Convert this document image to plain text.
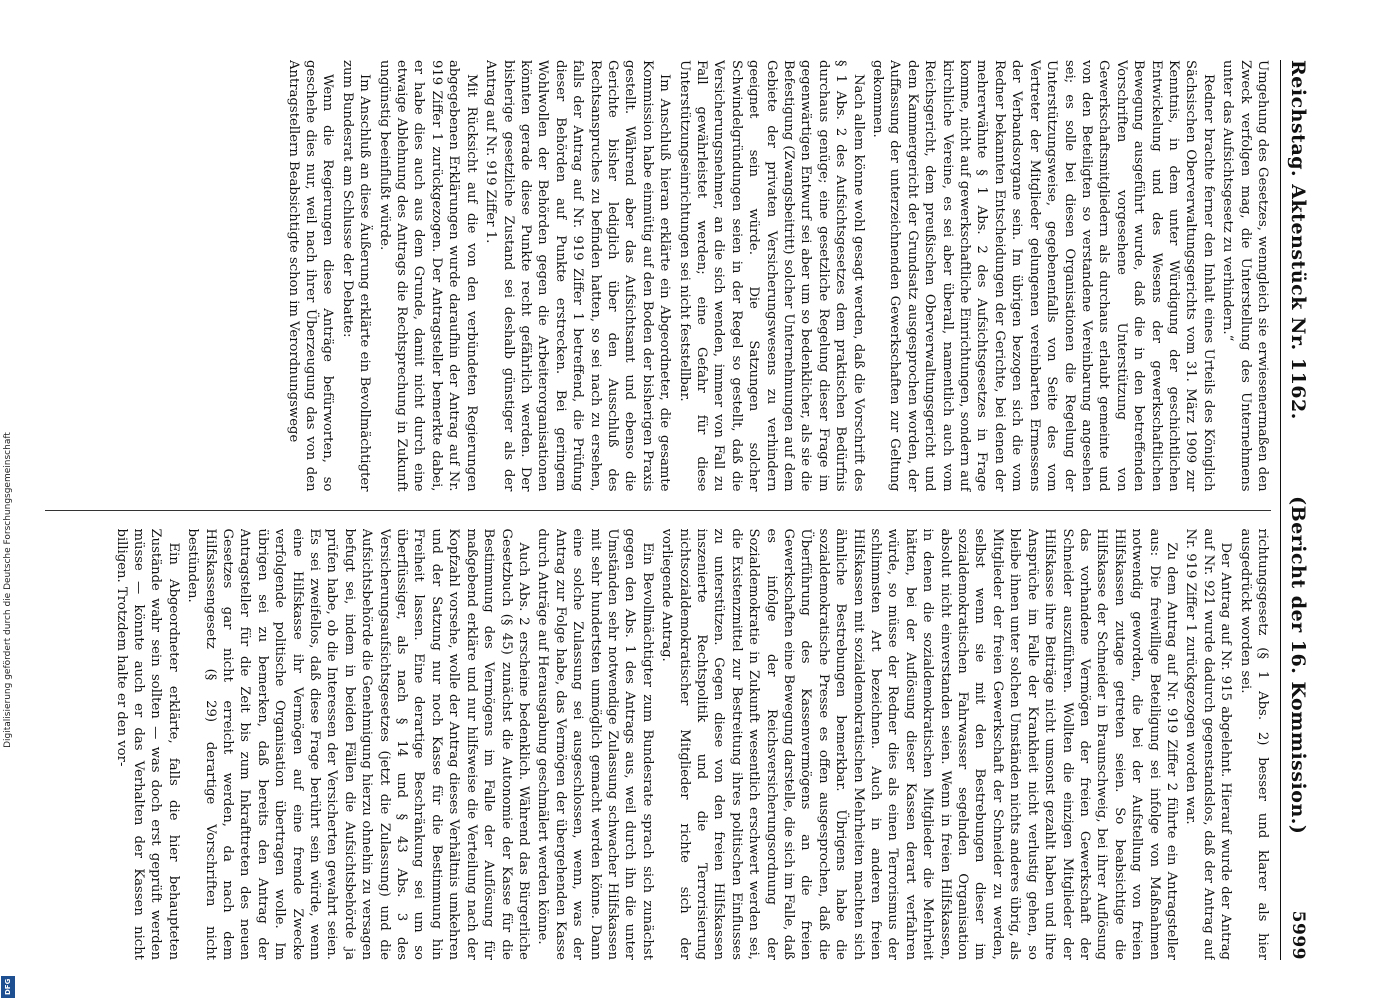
Digitalisierung gefördert durch die Deutsche Forschungsgemeinschaft
DFG
Reichstag. Aktenstück Nr. 1162.
(Bericht der 16. Kommission.)
5999

Umgehung des Gesetzes, wenngleich sie erwiesenermaßen den Zweck verfolgen mag, die Unterstellung des Unternehmens unter das Aufsichtsgesetz zu verhindern.“

Redner brachte ferner den Inhalt eines Urteils des Königlich Sächsischen Oberverwaltungsgerichts vom 31. März 1909 zur Kenntnis, in dem unter Würdigung der geschichtlichen Entwickelung und des Wesens der gewerkschaftlichen Bewegung ausgeführt wurde, daß die in den betreffenden Vorschriften vorgesehene Unterstützung von Gewerkschaftsmitgliedern als durchaus erlaubt gemeinte und von den Beteiligten so verstandene Vereinbarung angesehen sei; es solle bei diesen Organisationen die Regelung der Unterstützungsweise, gegebenenfalls von Seite des vom Vertreter der Mitglieder gelungenen vereinbarten Ermessens der Verbandsorgane sein. Im übrigen bezogen sich die vom Redner bekannten Entscheidungen der Gerichte, bei denen der mehrerwähnte § 1 Abs. 2 des Aufsichtsgesetzes in Frage komme, nicht auf gewerkschaftliche Einrichtungen, sondern auf kirchliche Vereine, es sei aber überall, namentlich auch vom Reichsgericht, dem preußischen Oberverwaltungsgericht und dem Kammergericht der Grundsatz ausgesprochen worden, der Auffassung der unterzeichnenden Gewerkschaften zur Geltung gekommen.

Nach allem könne wohl gesagt werden, daß die Vorschrift des § 1 Abs. 2 des Aufsichtsgesetzes dem praktischen Bedürfnis durchaus genüge; eine gesetzliche Regelung dieser Frage im gegenwärtigen Entwurf sei aber um so bedenklicher, als sie die Befestigung (Zwangsbeitritt) solcher Unternehmungen auf dem Gebiete der privaten Versicherungswesens zu verhindern geeignet sein würde. Die Satzungen solcher Schwindelgründungen seien in der Regel so gestellt, daß die Versicherungsnehmer, an die sich wenden, immer von Fall zu Fall gewährleistet werden; eine Gefahr für diese Unterstützungseinrichtungen sei nicht feststellbar.

Im Anschluß hieran erklärte ein Abgeordneter, die gesamte Kommission habe einmütig auf den Boden der bisherigen Praxis gestellt. Während aber das Aufsichtsamt und ebenso die Gerichte bisher lediglich über den Ausschluß des Rechtsanspruches zu befinden hatten, so sei nach zu ersehen, falls der Antrag auf Nr. 919 Ziffer 1 betreffend, die Prüfung dieser Behörden auf Punkte erstrecken. Bei geringem Wohlwollen der Behörden gegen die Arbeiterorganisationen könnten gerade diese Punkte recht gefährlich werden. Der bisherige gesetzliche Zustand sei deshalb günstiger als der Antrag auf Nr. 919 Ziffer 1.

Mit Rücksicht auf die von den verbündeten Regierungen abgegebenen Erklärungen wurde daraufhin der Antrag auf Nr. 919 Ziffer 1 zurückgezogen. Der Antragsteller bemerkte dabei, er habe dies auch aus dem Grunde, damit nicht durch eine etwaige Ablehnung des Antrags die Rechtsprechung in Zukunft ungünstig beeinflußt würde.

Im Anschluß an diese Äußerung erklärte ein Bevollmächtigter zum Bundesrat am Schlusse der Debatte:

Wenn die Regierungen diese Anträge befürworten, so geschehe dies nur, weil nach ihrer Überzeugung das von den Antragstellern Beabsichtigte schon im Verordnungswege

richtungsgesetz (§ 1 Abs. 2) besser und klarer als hier ausgedrückt worden sei.

Der Antrag auf Nr. 915 abgelehnt. Hierauf wurde der Antrag auf Nr. 921 wurde dadurch gegenstandslos, daß der Antrag auf Nr. 919 Ziffer 1 zurückgezogen worden war.

Zu dem Antrag auf Nr. 919 Ziffer 2 führte ein Antragsteller aus: Die freiwillige Beteiligung sei infolge von Maßnahmen notwendig geworden, die bei der Aufstellung von freien Hilfskassen zutage getreten seien. So beabsichtige die Hilfskasse der Schneider in Braunschweig, bei ihrer Auflösung das vorhandene Vermögen der freien Gewerkschaft der Schneider auszuführen. Wollten die einzigen Mitglieder der Hilfskasse ihre Beiträge nicht umsonst gezahlt haben und ihre Ansprüche im Falle der Krankheit nicht verlustig gehen, so bleibe ihnen unter solchen Umständen nichts anderes übrig, als Mitglieder der freien Gewerkschaft der Schneider zu werden, selbst wenn sie mit den Bestrebungen dieser im sozialdemokratischen Fahrwasser segelnden Organisation absolut nicht einverstanden seien. Wenn in freien Hilfskassen, in denen die sozialdemokratischen Mitglieder die Mehrheit hätten, bei der Auflösung dieser Kassen derart verfahren würde, so müsse der Redner dies als einen Terrorismus der schlimmsten Art bezeichnen. Auch in anderen freien Hilfskassen mit sozialdemokratischen Mehrheiten machten sich ähnliche Bestrebungen bemerkbar. Übrigens habe die sozialdemokratische Presse es offen ausgesprochen, daß die Überführung des Kassenvermögens an die freien Gewerkschaften eine Bewegung darstelle, die sich im Falle, daß es infolge der Reichsversicherungsordnung der Sozialdemokratie in Zukunft wesentlich erschwert werden sei, die Existenzmittel zur Bestreitung ihres politischen Einflusses zu unterstützen. Gegen diese von den freien Hilfskassen inszenierte Rechtspolitik und die Terrorisierung nichtsozialdemokratischer Mitglieder richte sich der vorliegende Antrag.

Ein Bevollmächtigter zum Bundesrate sprach sich zunächst gegen den Abs. 1 des Antrags aus, weil durch ihn die unter Umständen sehr notwendige Zulassung schwacher Hilfskassen mit sehr hundertsten unmöglich gemacht werden könne. Dann eine solche Zulassung sei ausgeschlossen, wenn, was der Antrag zur Folge habe, das Vermögen der übergehenden Kasse durch Anträge auf Herausgabung geschmälert werden könne.

Auch Abs. 2 erscheine bedenklich. Während das Bürgerliche Gesetzbuch (§ 45) zunächst die Autonomie der Kasse für die Bestimmung des Vermögens im Falle der Auflösung für maßgebend erkläre und nur hilfsweise die Verteilung nach der Kopfzahl vorsehe, wolle der Antrag dieses Verhältnis umkehren und der Satzung nur noch Kasse für die Bestimmung hin Freiheit lassen. Eine derartige Beschränkung sei um so überflüssiger, als nach § 14 und § 43 Abs. 3 des Versicherungsaufsichtsgesetzes (jetzt die Zulassung) und die Aufsichtsbehörde die Genehmigung hierzu ohnehin zu versagen befugt sei, indem in beiden Fällen die Aufsichtsbehörde ja prüfen habe, ob die Interessen der Versicherten gewahrt seien. Es sei zweifellos, daß diese Frage berührt sein würde, wenn eine Hilfskasse ihr Vermögen auf eine fremde Zwecke verfolgende politische Organisation übertragen wolle. Im übrigen sei zu bemerken, daß bereits den Antrag der Antragsteller für die Zeit bis zum Inkrafttreten des neuen Gesetzes gar nicht erreicht werden, da nach dem Hilfskassengesetz (§ 29) derartige Vorschriften nicht bestünden.

Ein Abgeordneter erklärte, falls die hier behaupteten Zustände wahr sein sollten — was doch erst geprüft werden müsse — könnte auch er das Verhalten der Kassen nicht billigen. Trotzdem halte er den vor-
